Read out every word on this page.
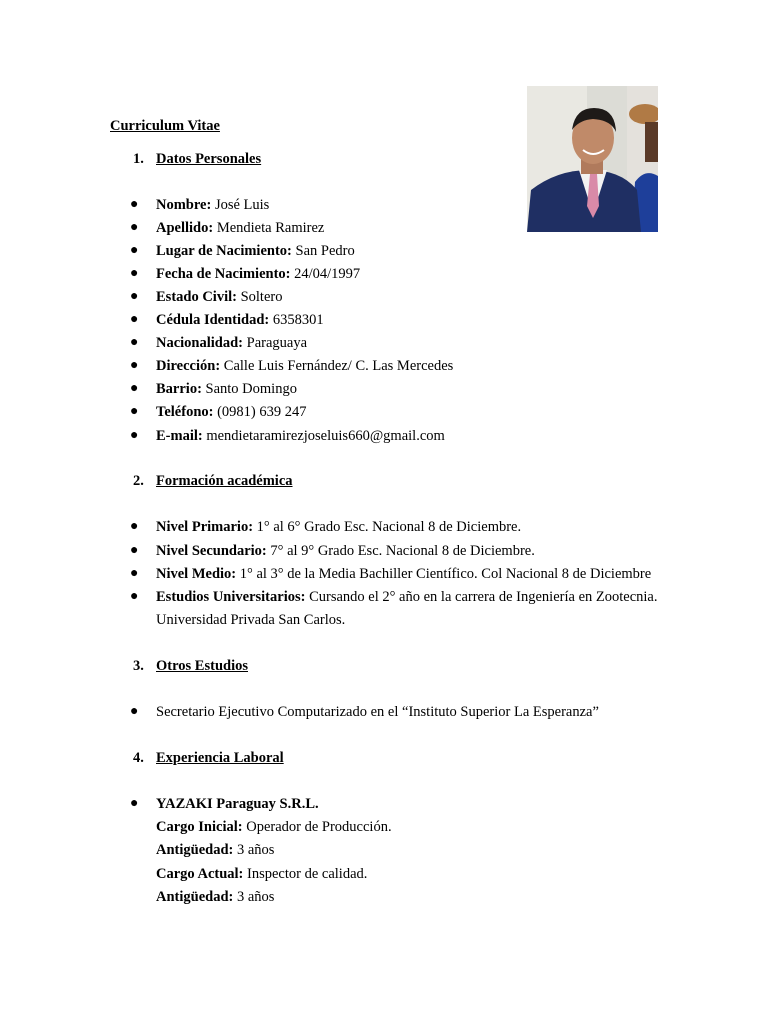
Curriculum Vitae
1. Datos Personales
● Nombre: José Luis
● Apellido: Mendieta Ramirez
● Lugar de Nacimiento: San Pedro
● Fecha de Nacimiento: 24/04/1997
● Estado Civil: Soltero
● Cédula Identidad: 6358301
● Nacionalidad: Paraguaya
● Dirección: Calle Luis Fernández/ C. Las Mercedes
● Barrio: Santo Domingo
● Teléfono: (0981) 639 247
● E-mail: mendietaramirezjoseluis660@gmail.com
2. Formación académica
● Nivel Primario: 1° al 6° Grado Esc. Nacional 8 de Diciembre.
● Nivel Secundario: 7° al 9° Grado Esc. Nacional 8 de Diciembre.
● Nivel Medio: 1° al 3° de la Media Bachiller Científico. Col Nacional 8 de Diciembre
● Estudios Universitarios: Cursando el 2° año en la carrera de Ingeniería en Zootecnia.
Universidad Privada San Carlos.
3. Otros Estudios
● Secretario Ejecutivo Computarizado en el “Instituto Superior La Esperanza”
4. Experiencia Laboral
● YAZAKI Paraguay S.R.L.
Cargo Inicial: Operador de Producción.
Antigüedad: 3 años
Cargo Actual: Inspector de calidad.
Antigüedad: 3 años
